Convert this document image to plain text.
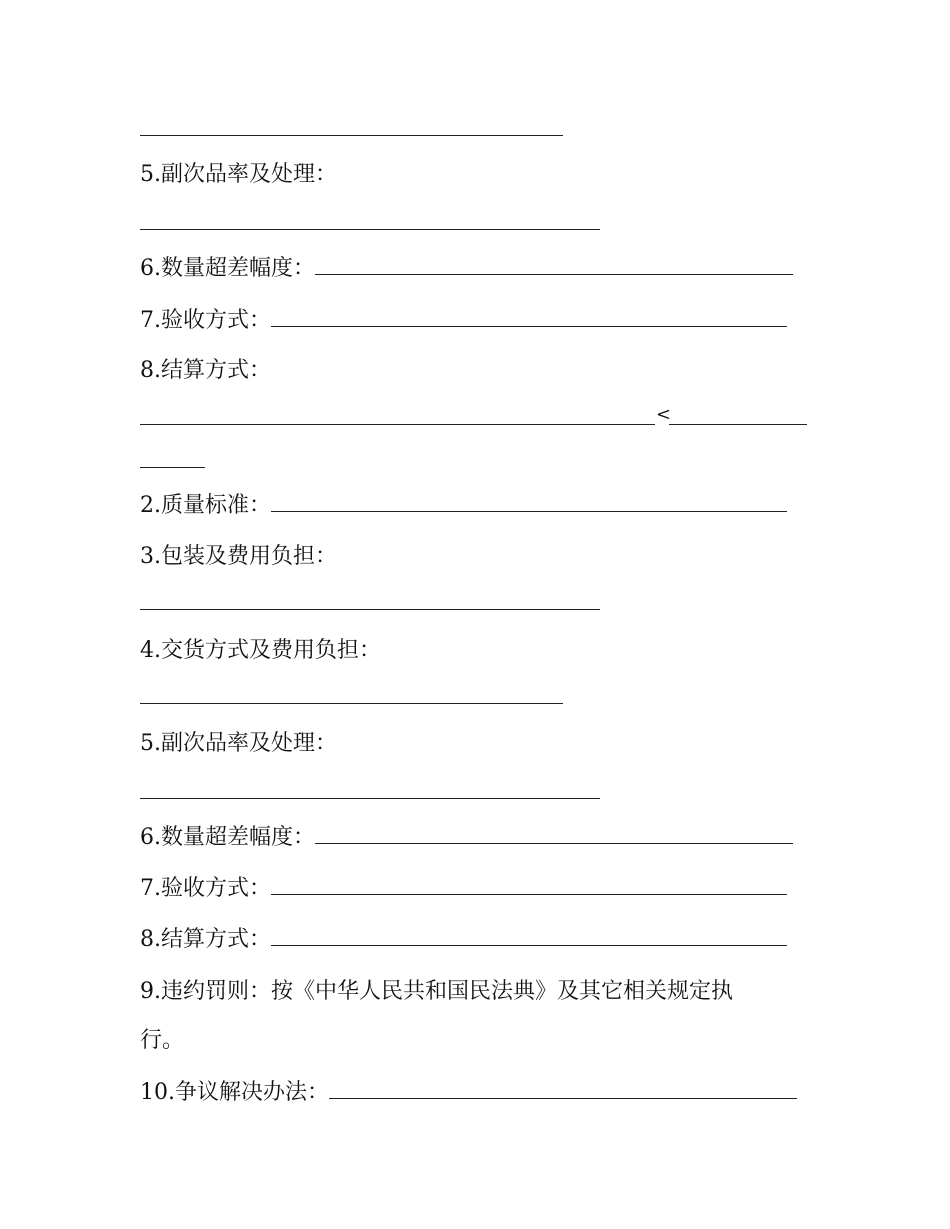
5.副次品率及处理：
6.数量超差幅度：
7.验收方式：
8.结算方式：
<
2.质量标准：
3.包装及费用负担：
4.交货方式及费用负担：
5.副次品率及处理：
6.数量超差幅度：
7.验收方式：
8.结算方式：
9.违约罚则：按《中华人民共和国民法典》及其它相关规定执
行。
10.争议解决办法：
